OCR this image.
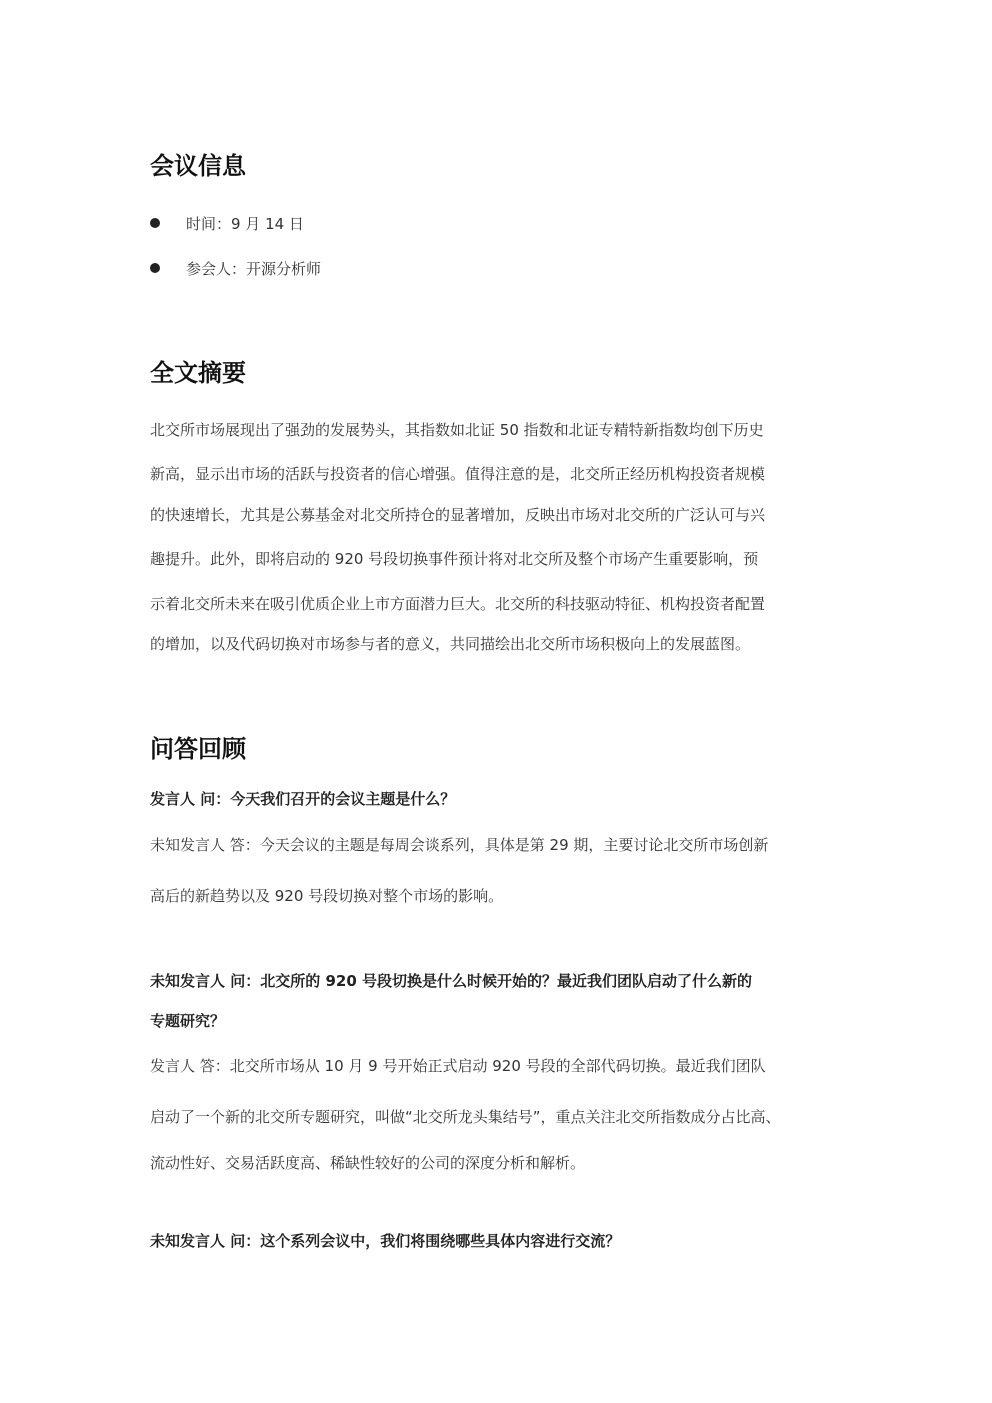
会议信息
时间：9 月 14 日
参会人：开源分析师
全文摘要
北交所市场展现出了强劲的发展势头，其指数如北证 50 指数和北证专精特新指数均创下历史
新高，显示出市场的活跃与投资者的信心增强。值得注意的是，北交所正经历机构投资者规模
的快速增长，尤其是公募基金对北交所持仓的显著增加，反映出市场对北交所的广泛认可与兴
趣提升。此外，即将启动的 920 号段切换事件预计将对北交所及整个市场产生重要影响，预
示着北交所未来在吸引优质企业上市方面潜力巨大。北交所的科技驱动特征、机构投资者配置
的增加，以及代码切换对市场参与者的意义，共同描绘出北交所市场积极向上的发展蓝图。
问答回顾
发言人 问：今天我们召开的会议主题是什么？
未知发言人 答：今天会议的主题是每周会谈系列，具体是第 29 期，主要讨论北交所市场创新
高后的新趋势以及 920 号段切换对整个市场的影响。
未知发言人 问：北交所的 920 号段切换是什么时候开始的？最近我们团队启动了什么新的
专题研究？
发言人 答：北交所市场从 10 月 9 号开始正式启动 920 号段的全部代码切换。最近我们团队
启动了一个新的北交所专题研究，叫做“北交所龙头集结号”，重点关注北交所指数成分占比高、
流动性好、交易活跃度高、稀缺性较好的公司的深度分析和解析。
未知发言人 问：这个系列会议中，我们将围绕哪些具体内容进行交流？
